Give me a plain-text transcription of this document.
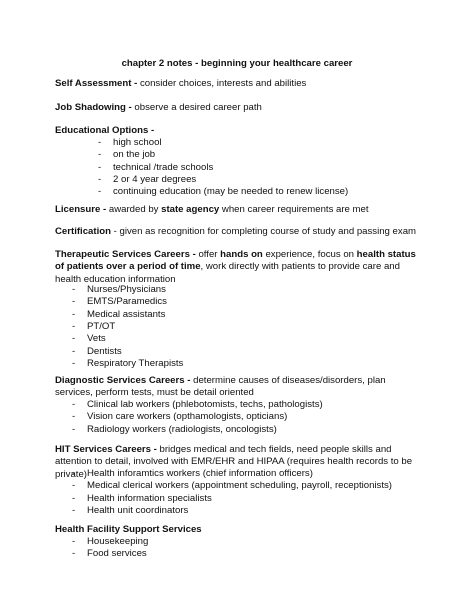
chapter 2 notes - beginning your healthcare career

Self Assessment - consider choices, interests and abilities

Job Shadowing - observe a desired career path

Educational Options -

- high school
- on the job
- technical /trade schools
- 2 or 4 year degrees
- continuing education (may be needed to renew license)

Licensure - awarded by state agency when career requirements are met

Certification - given as recognition for completing course of study and passing exam

Therapeutic Services Careers - offer hands on experience, focus on health status of patients over a period of time, work directly with patients to provide care and health education information

- Nurses/Physicians
- EMTS/Paramedics
- Medical assistants
- PT/OT
- Vets
- Dentists
- Respiratory Therapists

Diagnostic Services Careers - determine causes of diseases/disorders, plan services, perform tests, must be detail oriented

- Clinical lab workers (phlebotomists, techs, pathologists)
- Vision care workers (opthamologists, opticians)
- Radiology workers (radiologists, oncologists)

HIT Services Careers - bridges medical and tech fields, need people skills and attention to detail, involved with EMR/EHR and HIPAA (requires health records to be private)

- Health inforamtics workers (chief information officers)
- Medical clerical workers (appointment scheduling, payroll, receptionists)
- Health information specialists
- Health unit coordinators

Health Facility Support Services

- Housekeeping
- Food services
